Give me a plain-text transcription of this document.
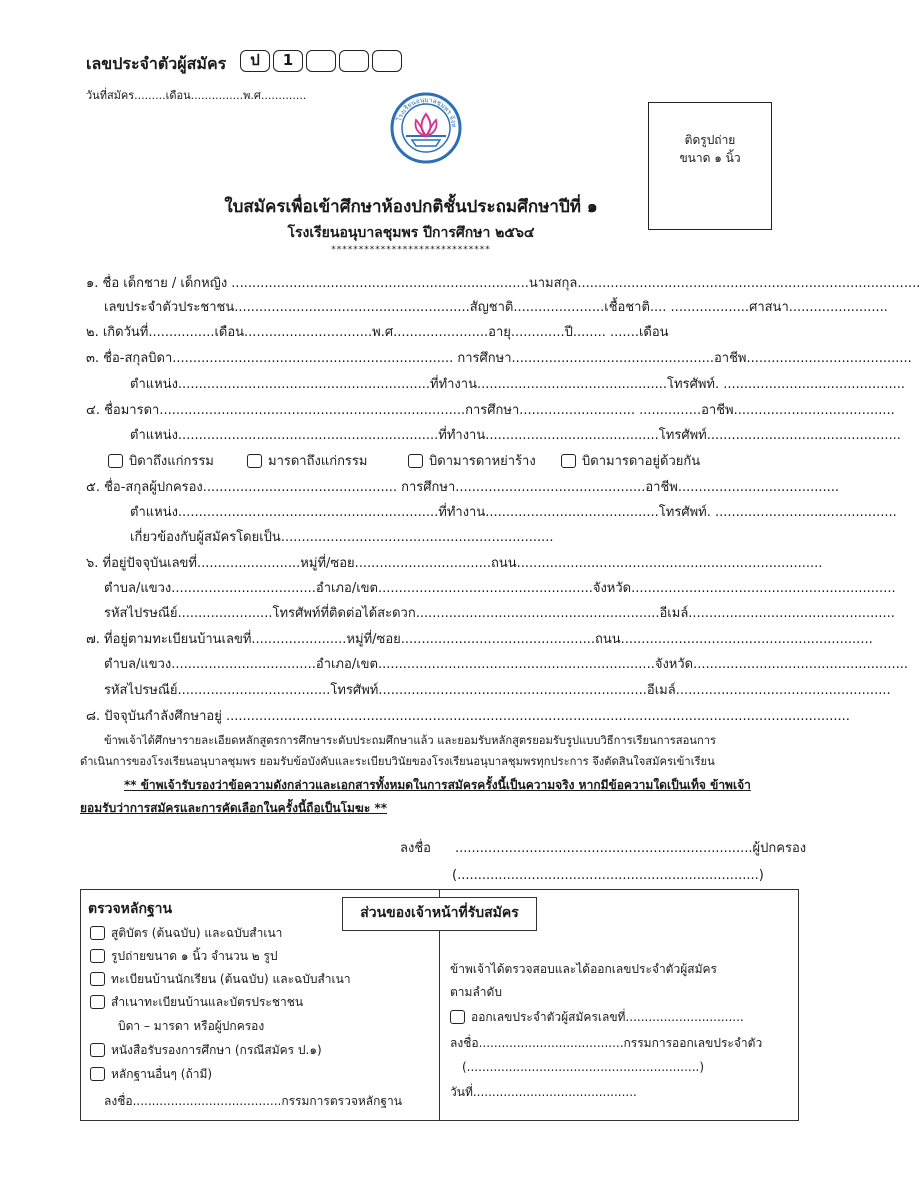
เลขประจำตัวผู้สมัคร	ป	1
วันที่สมัคร.........เดือน...............พ.ศ.............
โรงเรียนอนุบาลชุมพร จังห
ติดรูปถ่าย
ขนาด ๑ นิ้ว
ใบสมัครเพื่อเข้าศึกษาห้องปกติชั้นประถมศึกษาปีที่ ๑
โรงเรียนอนุบาลชุมพร ปีการศึกษา ๒๕๖๔
*****************************
๑. ชื่อ เด็กชาย / เด็กหญิง ........................................................................นามสกุล...................................................................................
เลขประจำตัวประชาชน.........................................................สัญชาติ......................เชื้อชาติ.... ...................ศาสนา........................
๒. เกิดวันที่................เดือน...............................พ.ศ.......................อายุ.............ปี........ .......เดือน
๓. ชื่อ-สกุลบิดา.................................................................... การศึกษา.................................................อาชีพ........................................
ตำแหน่ง.............................................................ที่ทำงาน..............................................โทรศัพท์. ............................................
๔. ชื่อมารดา..........................................................................การศึกษา............................ ...............อาชีพ.......................................
ตำแหน่ง...............................................................ที่ทำงาน..........................................โทรศัพท์...............................................
บิดาถึงแก่กรรม	มารดาถึงแก่กรรม	บิดามารดาหย่าร้าง	บิดามารดาอยู่ด้วยกัน
๕. ชื่อ-สกุลผู้ปกครอง............................................... การศึกษา..............................................อาชีพ.......................................
ตำแหน่ง...............................................................ที่ทำงาน..........................................โทรศัพท์. ............................................
เกี่ยวข้องกับผู้สมัครโดยเป็น..................................................................
๖. ที่อยู่ปัจจุบันเลขที่.........................หมู่ที่/ซอย.................................ถนน..........................................................................
ตำบล/แขวง...................................อำเภอ/เขต....................................................จังหวัด................................................................
รหัสไปรษณีย์.......................โทรศัพท์ที่ติดต่อได้สะดวก...........................................................อีเมล์..................................................
๗. ที่อยู่ตามทะเบียนบ้านเลขที่.......................หมู่ที่/ซอย...............................................ถนน.............................................................
ตำบล/แขวง...................................อำเภอ/เขต...................................................................จังหวัด....................................................
รหัสไปรษณีย์.....................................โทรศัพท์.................................................................อีเมล์....................................................
๘. ปัจจุบันกำลังศึกษาอยู่ .......................................................................................................................................................
ข้าพเจ้าได้ศึกษารายละเอียดหลักสูตรการศึกษาระดับประถมศึกษาแล้ว และยอมรับหลักสูตรยอมรับรูปแบบวิธีการเรียนการสอนการ
ดำเนินการของโรงเรียนอนุบาลชุมพร ยอมรับข้อบังคับและระเบียบวินัยของโรงเรียนอนุบาลชุมพรทุกประการ จึงตัดสินใจสมัครเข้าเรียน
** ข้าพเจ้ารับรองว่าข้อความดังกล่าวและเอกสารทั้งหมดในการสมัครครั้งนี้เป็นความจริง หากมีข้อความใดเป็นเท็จ ข้าพเจ้า
ยอมรับว่าการสมัครและการคัดเลือกในครั้งนี้ถือเป็นโมฆะ **
ลงชื่อ ........................................................................ผู้ปกครอง
(.........................................................................)
ส่วนของเจ้าหน้าที่รับสมัคร
ตรวจหลักฐาน
สูติบัตร (ต้นฉบับ) และฉบับสำเนา
รูปถ่ายขนาด ๑ นิ้ว จำนวน ๒ รูป
ทะเบียนบ้านนักเรียน (ต้นฉบับ) และฉบับสำเนา
สำเนาทะเบียนบ้านและบัตรประชาชน
บิดา – มารดา หรือผู้ปกครอง
หนังสือรับรองการศึกษา (กรณีสมัคร ป.๑)
หลักฐานอื่นๆ (ถ้ามี)
ลงชื่อ.......................................กรรมการตรวจหลักฐาน
ข้าพเจ้าได้ตรวจสอบและได้ออกเลขประจำตัวผู้สมัคร
ตามลำดับ
ออกเลขประจำตัวผู้สมัครเลขที่...............................
ลงชื่อ......................................กรรมการออกเลขประจำตัว
(.............................................................)
วันที่...........................................
